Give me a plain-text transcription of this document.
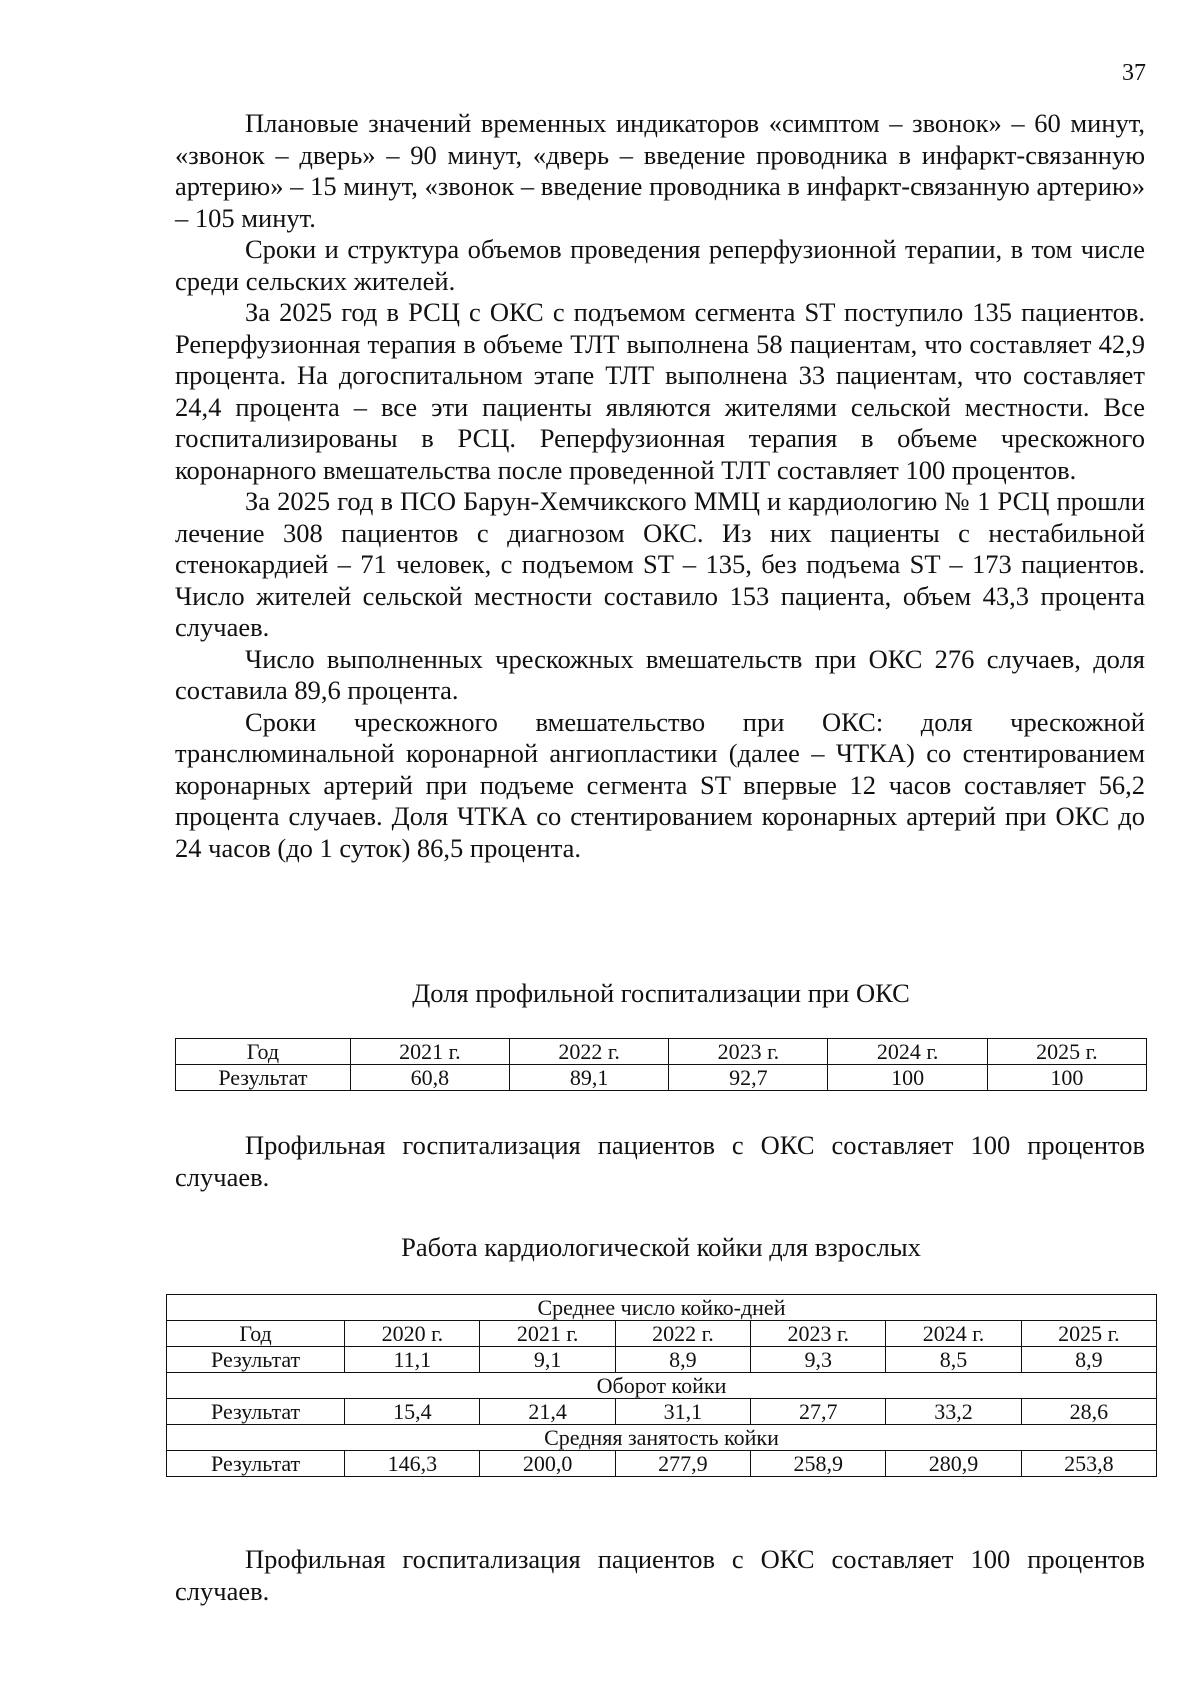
37

Плановые значений временных индикаторов «симптом – звонок» – 60 минут, «звонок – дверь» – 90 минут, «дверь – введение проводника в инфаркт-связанную артерию» – 15 минут, «звонок – введение проводника в инфаркт-связанную артерию» – 105 минут.

Сроки и структура объемов проведения реперфузионной терапии, в том числе среди сельских жителей.

За 2025 год в РСЦ с ОКС с подъемом сегмента ST поступило 135 пациентов. Реперфузионная терапия в объеме ТЛТ выполнена 58 пациентам, что составляет 42,9 процента. На догоспитальном этапе ТЛТ выполнена 33 пациентам, что составляет 24,4 процента – все эти пациенты являются жителями сельской местности. Все госпитализированы в РСЦ. Реперфузионная терапия в объеме чрескожного коронарного вмешательства после проведенной ТЛТ составляет 100 процентов.

За 2025 год в ПСО Барун-Хемчикского ММЦ и кардиологию № 1 РСЦ прошли лечение 308 пациентов с диагнозом ОКС. Из них пациенты с нестабильной стенокардией – 71 человек, с подъемом ST – 135, без подъема ST – 173 пациентов. Число жителей сельской местности составило 153 пациента, объем 43,3 процента случаев.

Число выполненных чрескожных вмешательств при ОКС 276 случаев, доля составила 89,6 процента.

Сроки чрескожного вмешательство при ОКС: доля чрескожной транслюминальной коронарной ангиопластики (далее – ЧТКА) со стентированием коронарных артерий при подъеме сегмента ST впервые 12 часов составляет 56,2 процента случаев. Доля ЧТКА со стентированием коронарных артерий при ОКС до 24 часов (до 1 суток) 86,5 процента.

Доля профильной госпитализации при ОКС

Год	2021 г.	2022 г.	2023 г.	2024 г.	2025 г.
Результат	60,8	89,1	92,7	100	100

Профильная госпитализация пациентов с ОКС составляет 100 процентов случаев.

Работа кардиологической койки для взрослых

Среднее число койко-дней						
Год	2020 г.	2021 г.	2022 г.	2023 г.	2024 г.	2025 г.
Результат	11,1	9,1	8,9	9,3	8,5	8,9
Оборот койки						
Результат	15,4	21,4	31,1	27,7	33,2	28,6
Средняя занятость койки						
Результат	146,3	200,0	277,9	258,9	280,9	253,8

Профильная госпитализация пациентов с ОКС составляет 100 процентов случаев.
